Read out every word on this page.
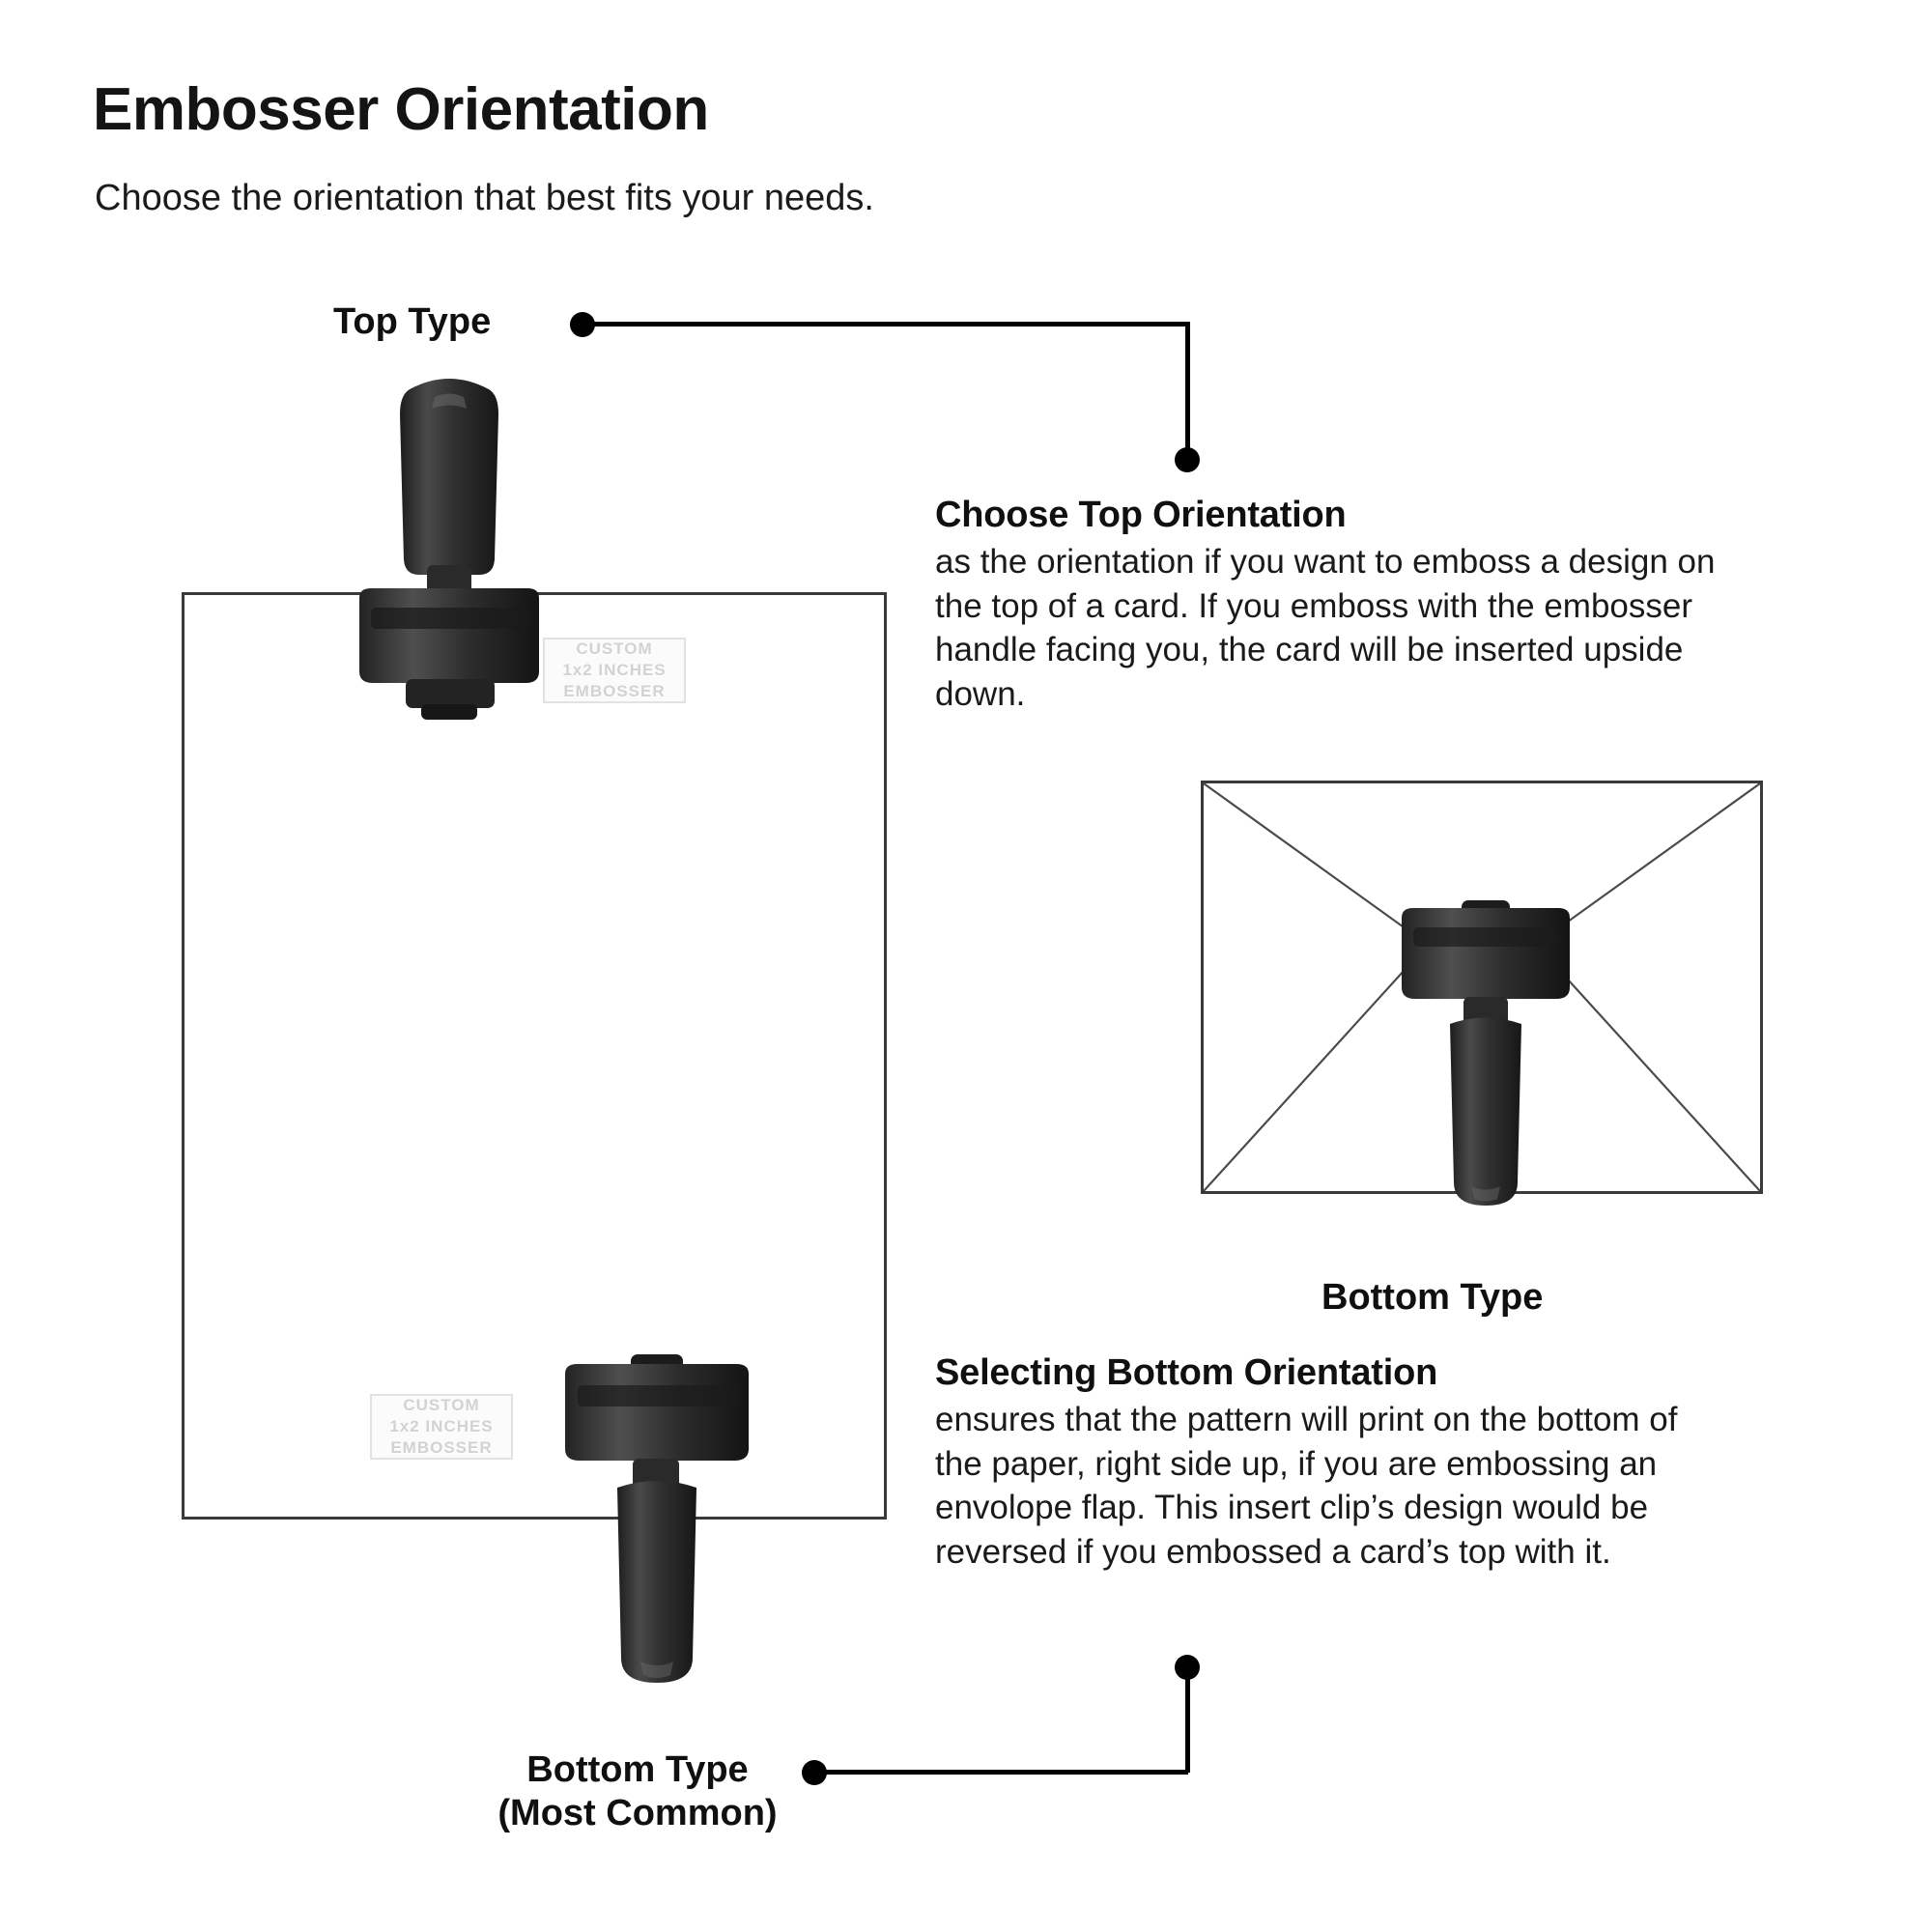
Embosser Orientation
Choose the orientation that best fits your needs.
Top Type
Bottom Type
(Most Common)
Bottom Type
Choose Top Orientation

as the orientation if you want to emboss a design on the top of a card. If you emboss with the embosser handle facing you, the card will be inserted upside down.

Selecting Bottom Orientation

ensures that the pattern will print on the bottom of the paper, right side up, if you are embossing an envolope flap. This insert clip’s design would be reversed if you embossed a card’s top with it.

CUSTOM
1x2 INCHES
EMBOSSER
CUSTOM
1x2 INCHES
EMBOSSER
